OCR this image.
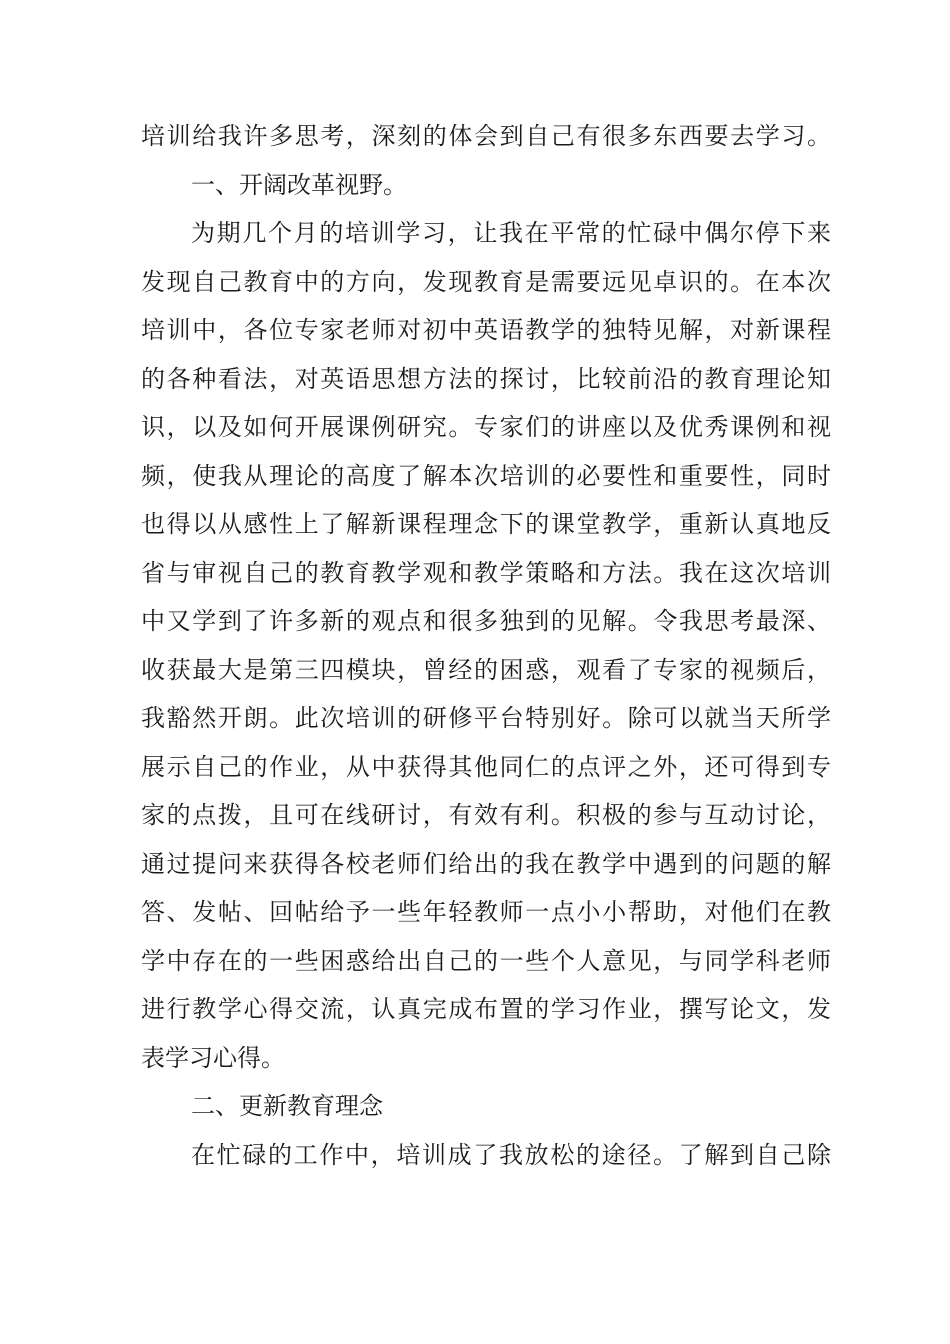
培训给我许多思考，深刻的体会到自己有很多东西要去学习。
一、开阔改革视野。
为期几个月的培训学习，让我在平常的忙碌中偶尔停下来
发现自己教育中的方向，发现教育是需要远见卓识的。在本次
培训中，各位专家老师对初中英语教学的独特见解，对新课程
的各种看法，对英语思想方法的探讨，比较前沿的教育理论知
识，以及如何开展课例研究。专家们的讲座以及优秀课例和视
频，使我从理论的高度了解本次培训的必要性和重要性，同时
也得以从感性上了解新课程理念下的课堂教学，重新认真地反
省与审视自己的教育教学观和教学策略和方法。我在这次培训
中又学到了许多新的观点和很多独到的见解。令我思考最深、
收获最大是第三四模块，曾经的困惑，观看了专家的视频后，
我豁然开朗。此次培训的研修平台特别好。除可以就当天所学
展示自己的作业，从中获得其他同仁的点评之外，还可得到专
家的点拨，且可在线研讨，有效有利。积极的参与互动讨论，
通过提问来获得各校老师们给出的我在教学中遇到的问题的解
答、发帖、回帖给予一些年轻教师一点小小帮助，对他们在教
学中存在的一些困惑给出自己的一些个人意见，与同学科老师
进行教学心得交流，认真完成布置的学习作业，撰写论文，发
表学习心得。
二、更新教育理念
在忙碌的工作中，培训成了我放松的途径。了解到自己除
